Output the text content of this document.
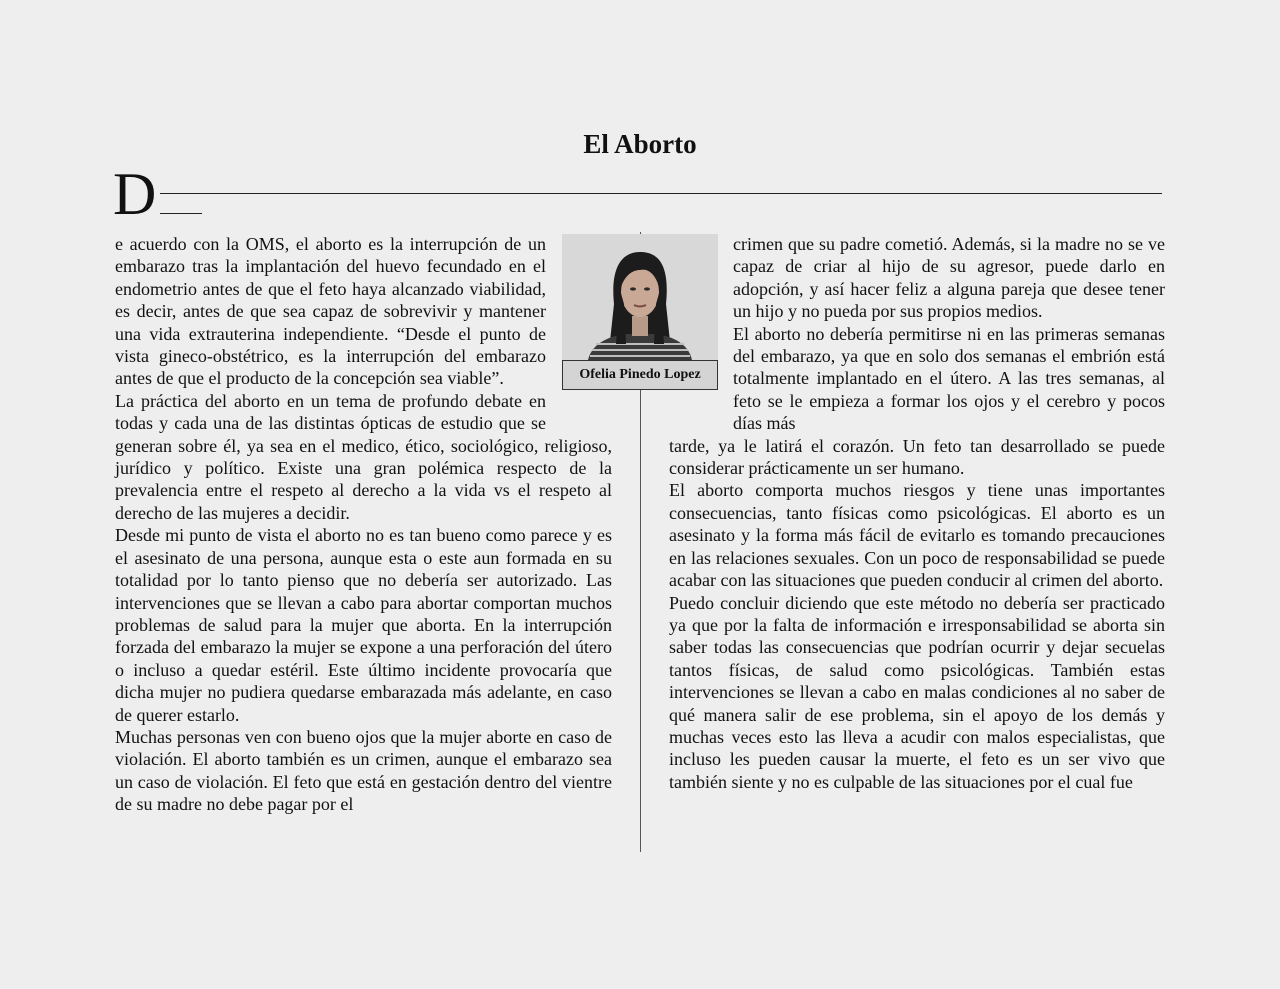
El Aborto
D

e acuerdo con la OMS, el aborto es la interrupción de un embarazo tras la implantación del huevo fecundado en el endometrio antes de que el feto haya alcanzado viabilidad, es decir, antes de que sea capaz de sobrevivir y mantener una vida extrauterina independiente. “Desde el punto de vista gineco-obstétrico, es la interrupción del embarazo antes de que el producto de la concepción sea viable”.

La práctica del aborto en un tema de profundo debate en todas y cada una de las distintas ópticas de estudio que se generan sobre él, ya sea en el medico, ético, sociológico, religioso, jurídico y político. Existe una gran polémica respecto de la prevalencia entre el respeto al derecho a la vida vs el respeto al derecho de las mujeres a decidir.

Desde mi punto de vista el aborto no es tan bueno como parece y es el asesinato de una persona, aunque esta o este aun formada en su totalidad por lo tanto pienso que no debería ser autorizado. Las intervenciones que se llevan a cabo para abortar comportan muchos problemas de salud para la mujer que aborta. En la interrupción forzada del embarazo la mujer se expone a una perforación del útero o incluso a quedar estéril. Este último incidente provocaría que dicha mujer no pudiera quedarse embarazada más adelante, en caso de querer estarlo.

Muchas personas ven con bueno ojos que la mujer aborte en caso de violación. El aborto también es un crimen, aunque el embarazo sea un caso de violación. El feto que está en gestación dentro del vientre de su madre no debe pagar por el

crimen que su padre cometió. Además, si la madre no se ve capaz de criar al hijo de su agresor, puede darlo en adopción, y así hacer feliz a alguna pareja que desee tener un hijo y no pueda por sus propios medios.

El aborto no debería permitirse ni en las primeras semanas del embarazo, ya que en solo dos semanas el embrión está totalmente implantado en el útero. A las tres semanas, al feto se le empieza a formar los ojos y el cerebro y pocos días más

tarde, ya le latirá el corazón. Un feto tan desarrollado se puede considerar prácticamente un ser humano.

El aborto comporta muchos riesgos y tiene unas importantes consecuencias, tanto físicas como psicológicas. El aborto es un asesinato y la forma más fácil de evitarlo es tomando precauciones en las relaciones sexuales. Con un poco de responsabilidad se puede acabar con las situaciones que pueden conducir al crimen del aborto.

Puedo concluir diciendo que este método no debería ser practicado ya que por la falta de información e irresponsabilidad se aborta sin saber todas las consecuencias que podrían ocurrir y dejar secuelas tantos físicas, de salud como psicológicas. También estas intervenciones se llevan a cabo en malas condiciones al no saber de qué manera salir de ese problema, sin el apoyo de los demás y muchas veces esto las lleva a acudir con malos especialistas, que incluso les pueden causar la muerte, el feto es un ser vivo que también siente y no es culpable de las situaciones por el cual fue

Ofelia Pinedo Lopez
